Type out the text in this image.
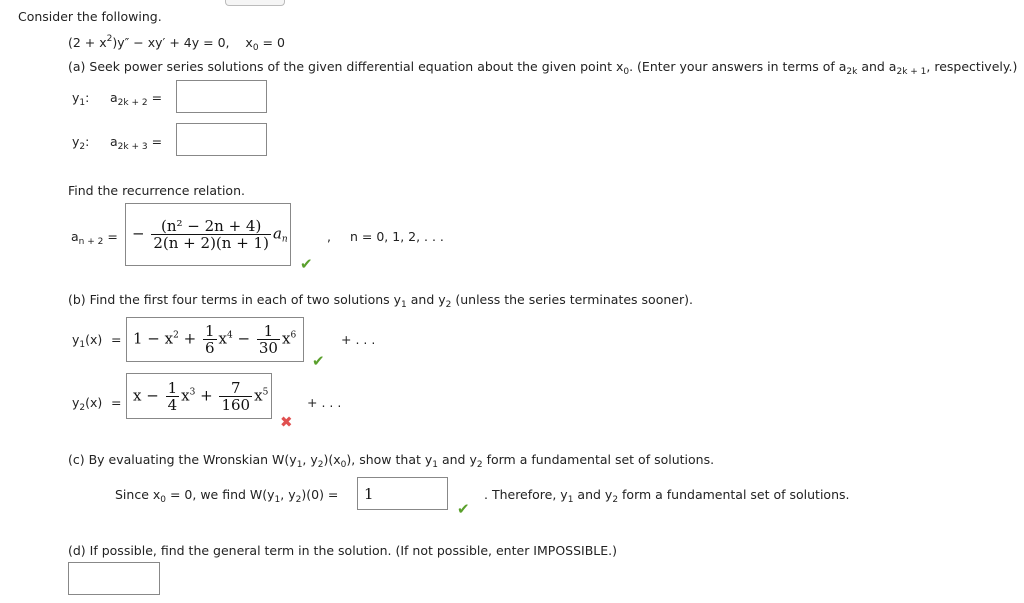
Consider the following.
$(2 + x^2)y'' - xy' + 4y = 0$, $x_0 = 0$
(a) Seek power series solutions of the given differential equation about the given point $x_0$. (Enter your answers in terms of $a_{2k}$ and $a_{2k + 1}$, respectively.)
$y_1$: $a_{2k + 2}$ =
$y_2$: $a_{2k + 3}$ =
Find the recurrence relation.
$a_{n + 2}$ = − $\frac{\text{(n² − 2n + 4)}}{2(n + 2)(n + 1)} a_n$
✔
, n = 0, 1, 2, . . .
(b) Find the first four terms in each of two solutions $y_1$ and $y_2$ (unless the series terminates sooner).
$y_1(x) = 1 - x^2 + \frac{1}{6} x^4 - \frac{1}{30} x^6$	+ . . .
✔
$y_2(x) = x - \frac{1}{4} x^3 + \frac{7}{160} x^5$
+ . . .
✖
(c) By evaluating the Wronskian $W(y_1$, $y_2)(x_0)$, show that $y_1$ and $y_2$ form a fundamental set of solutions.
Since $x_0 = 0$, we find $W(y_1$, $y_2)(0) = 1$
✔
. Therefore, $y_1$ and $y_2$ form a fundamental set of solutions.
(d) If possible, find the general term in the solution. (If not possible, enter IMPOSSIBLE.)
